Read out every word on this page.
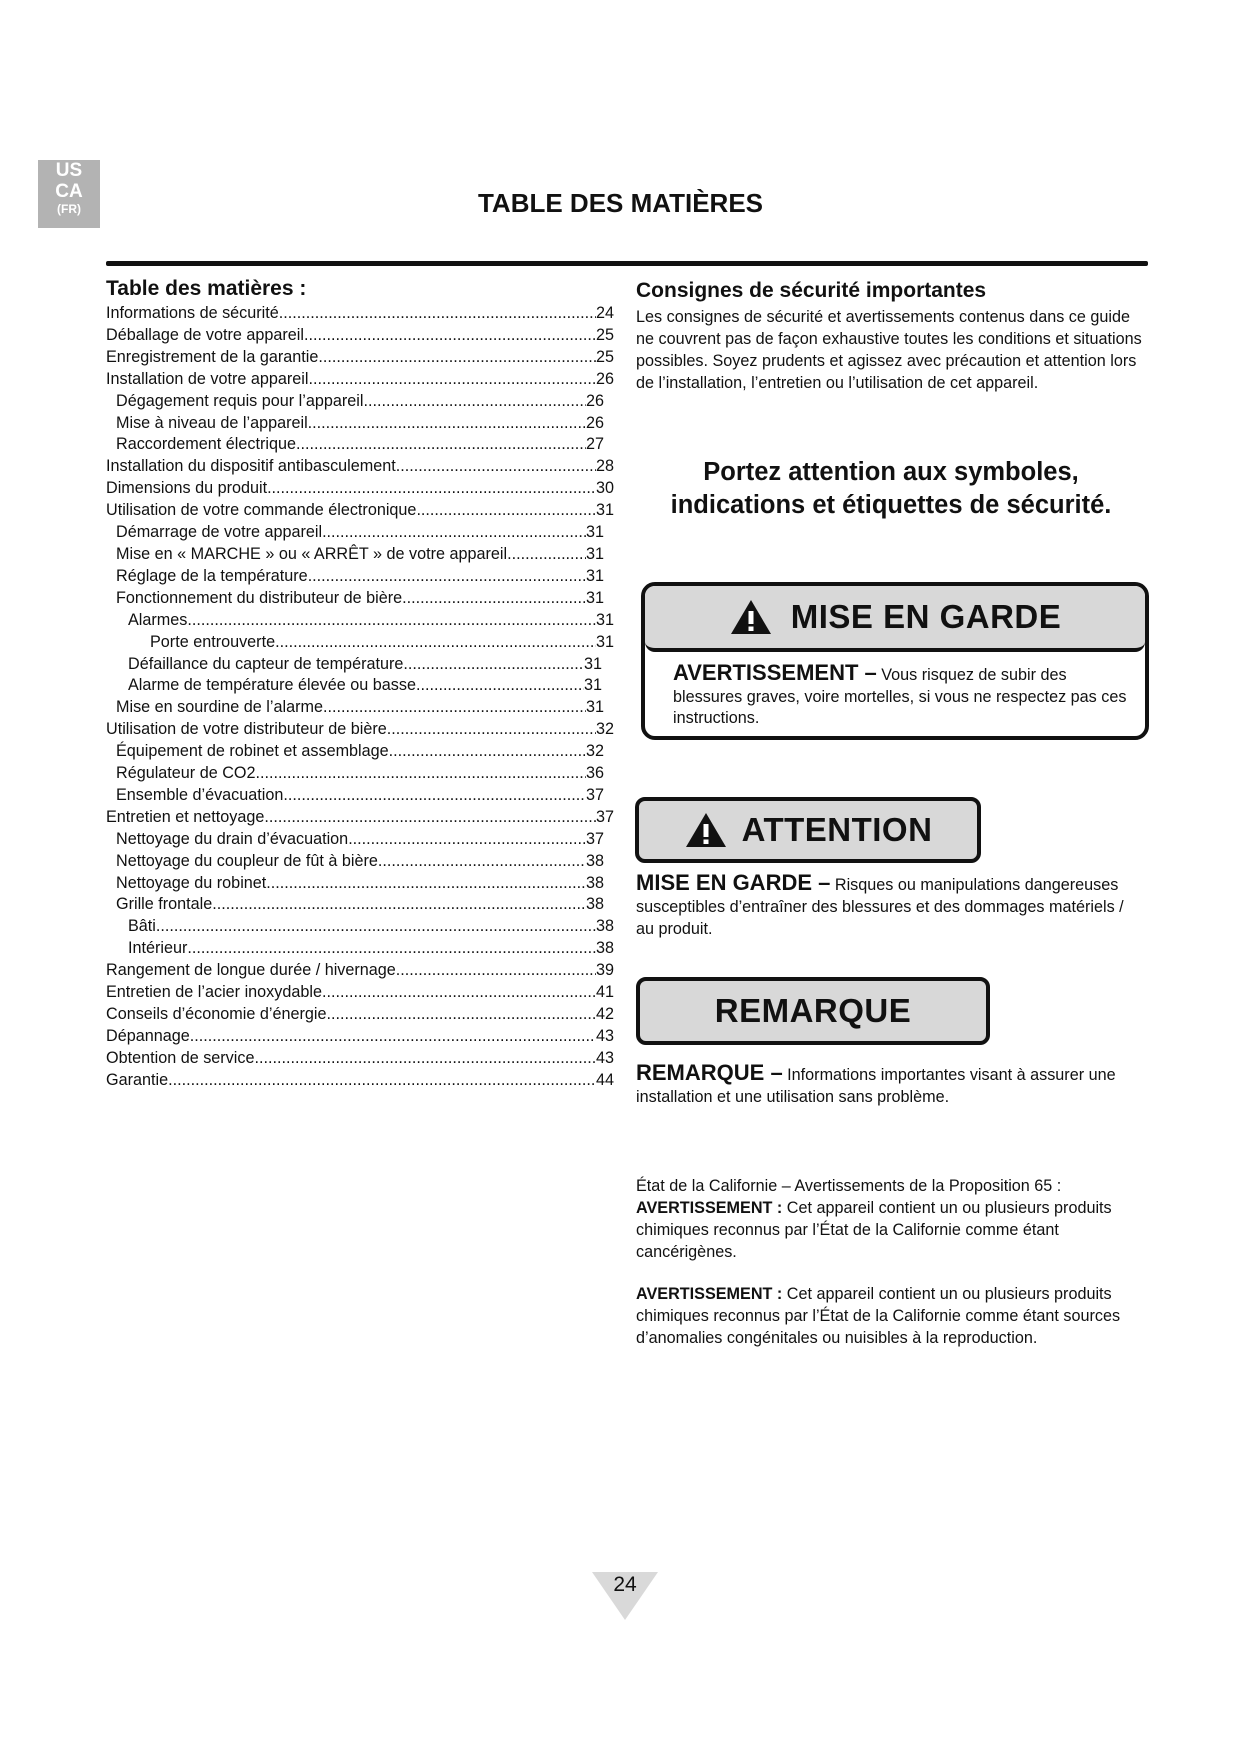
US
CA
(FR)	TABLE DES MATIÈRES
Table des matières :
Informations de sécurité .....	24
Déballage de votre appareil .....	25
Enregistrement de la garantie .....	25
Installation de votre appareil .....	26
Dégagement requis pour l’appareil .....	26
Mise à niveau de l’appareil .....	26
Raccordement électrique .....	27
Installation du dispositif antibasculement .....	28
Dimensions du produit .....	30
Utilisation de votre commande électronique .....	31
Démarrage de votre appareil .....	31
Mise en « MARCHE » ou « ARRÊT » de votre appareil .....	31
Réglage de la température .....	31
Fonctionnement du distributeur de bière .....	31
Alarmes .....	31
Porte entrouverte .....	31
Défaillance du capteur de température .....	31
Alarme de température élevée ou basse .....	31
Mise en sourdine de l’alarme .....	31
Utilisation de votre distributeur de bière .....	32
Équipement de robinet et assemblage .....	32
Régulateur de CO2 .....	36
Ensemble d’évacuation .....	37
Entretien et nettoyage .....	37
Nettoyage du drain d’évacuation .....	37
Nettoyage du coupleur de fût à bière .....	38
Nettoyage du robinet .....	38
Grille frontale .....	38
Bâti .....	38
Intérieur .....	38
Rangement de longue durée / hivernage .....	39
Entretien de l’acier inoxydable .....	41
Conseils d’économie d’énergie .....	42
Dépannage .....	43
Obtention de service .....	43
Garantie .....	44
Consignes de sécurité importantes
Les consignes de sécurité et avertissements contenus dans ce guide ne couvrent pas de façon exhaustive toutes les conditions et situations possibles. Soyez prudents et agissez avec précaution et attention lors de l’installation, l’entretien ou l’utilisation de cet appareil.
Portez attention aux symboles,
indications et étiquettes de sécurité.
MISE EN GARDE
AVERTISSEMENT – Vous risquez de subir des blessures graves, voire mortelles, si vous ne respectez pas ces instructions.
ATTENTION
MISE EN GARDE – Risques ou manipulations dangereuses susceptibles d’entraîner des blessures et des dommages matériels / au produit.
REMARQUE
REMARQUE – Informations importantes visant à assurer une installation et une utilisation sans problème.
État de la Californie – Avertissements de la Proposition 65 :

AVERTISSEMENT : Cet appareil contient un ou plusieurs produits chimiques reconnus par l’État de la Californie comme étant cancérigènes.

AVERTISSEMENT : Cet appareil contient un ou plusieurs produits chimiques reconnus par l’État de la Californie comme étant sources d’anomalies congénitales ou nuisibles à la reproduction.

24
